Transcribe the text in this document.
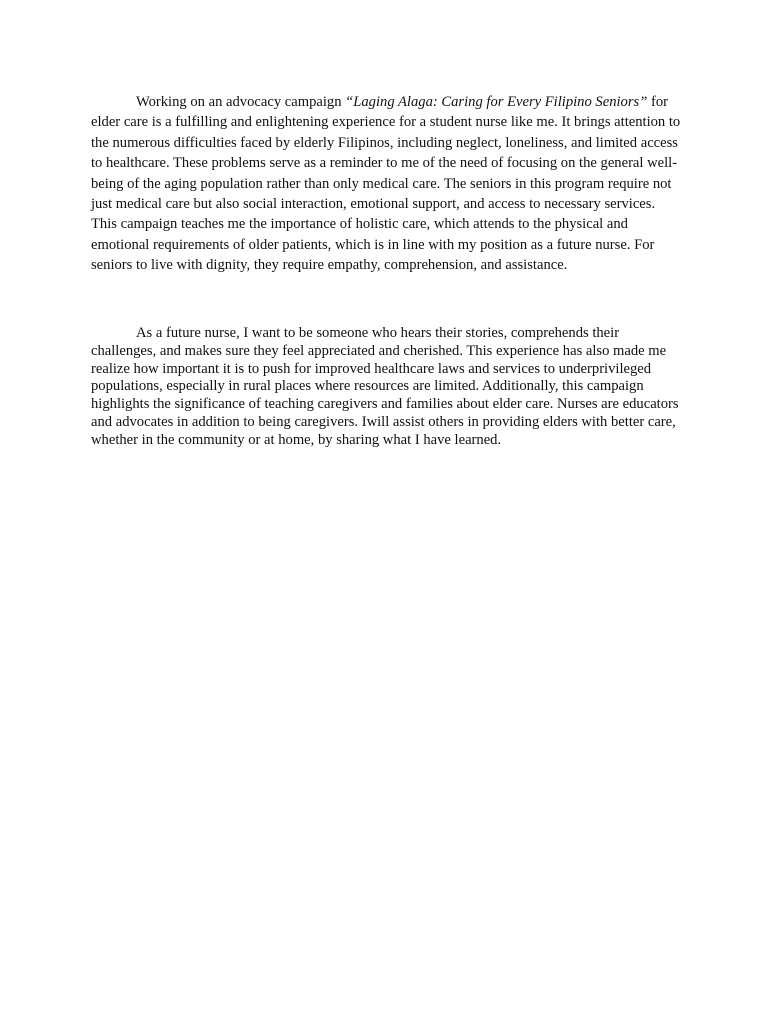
Working on an advocacy campaign “Laging Alaga: Caring for Every Filipino Seniors” for elder care is a fulfilling and enlightening experience for a student nurse like me. It brings attention to the numerous difficulties faced by elderly Filipinos, including neglect, loneliness, and limited access to healthcare. These problems serve as a reminder to me of the need of focusing on the general well-being of the aging population rather than only medical care. The seniors in this program require not just medical care but also social interaction, emotional support, and access to necessary services. This campaign teaches me the importance of holistic care, which attends to the physical and emotional requirements of older patients, which is in line with my position as a future nurse. For seniors to live with dignity, they require empathy, comprehension, and assistance.

As a future nurse, I want to be someone who hears their stories, comprehends their challenges, and makes sure they feel appreciated and cherished. This experience has also made me realize how important it is to push for improved healthcare laws and services to underprivileged populations, especially in rural places where resources are limited. Additionally, this campaign highlights the significance of teaching caregivers and families about elder care. Nurses are educators and advocates in addition to being caregivers. Iwill assist others in providing elders with better care, whether in the community or at home, by sharing what I have learned.
